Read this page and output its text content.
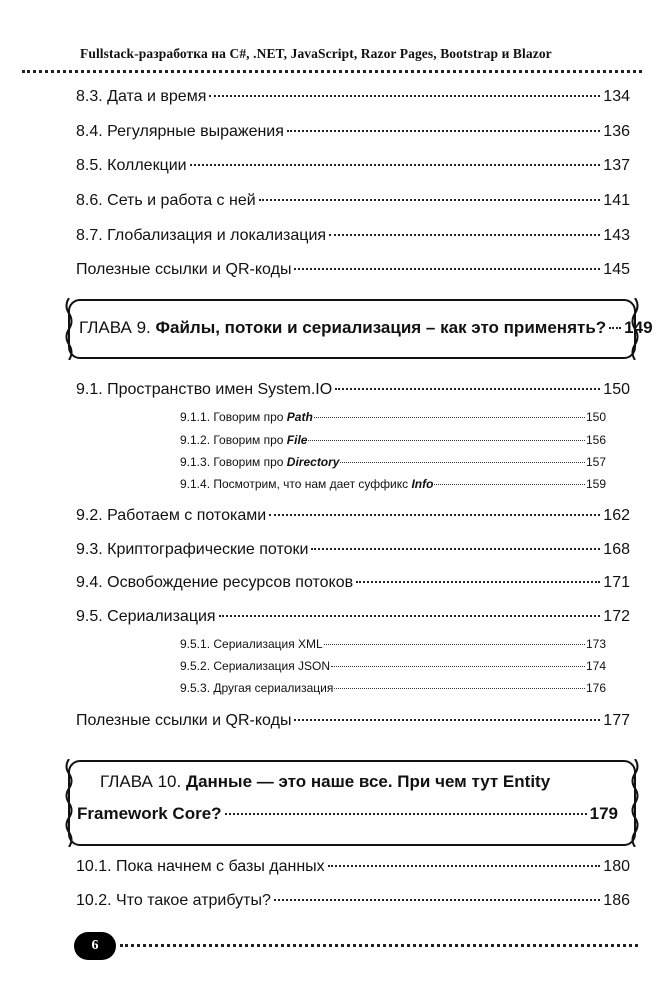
Fullstack-разработка на C#, .NET, JavaScript, Razor Pages, Bootstrap и Blazor
8.3. Дата и время	134
8.4. Регулярные выражения	136
8.5. Коллекции	137
8.6. Сеть и работа с ней	141
8.7. Глобализация и локализация	143
Полезные ссылки и QR-коды	145
ГЛАВА 9.
Файлы, потоки и сериализация – как это применять? 149
9.1. Пространство имен System.IO	150
9.1.1. Говорим про Path	150
9.1.2. Говорим про File	156
9.1.3. Говорим про Directory	157
9.1.4. Посмотрим, что нам дает суффикс Info	159
9.2. Работаем с потоками	162
9.3. Криптографические потоки	168
9.4. Освобождение ресурсов потоков	171
9.5. Сериализация	172
9.5.1. Сериализация XML	173
9.5.2. Сериализация JSON	174
9.5.3. Другая сериализация	176
Полезные ссылки и QR-коды	177
ГЛАВА 10.
Данные — это наше все. При чем тут Entity
Framework Core?	179
10.1. Пока начнем с базы данных	180
10.2. Что такое атрибуты?	186
6
